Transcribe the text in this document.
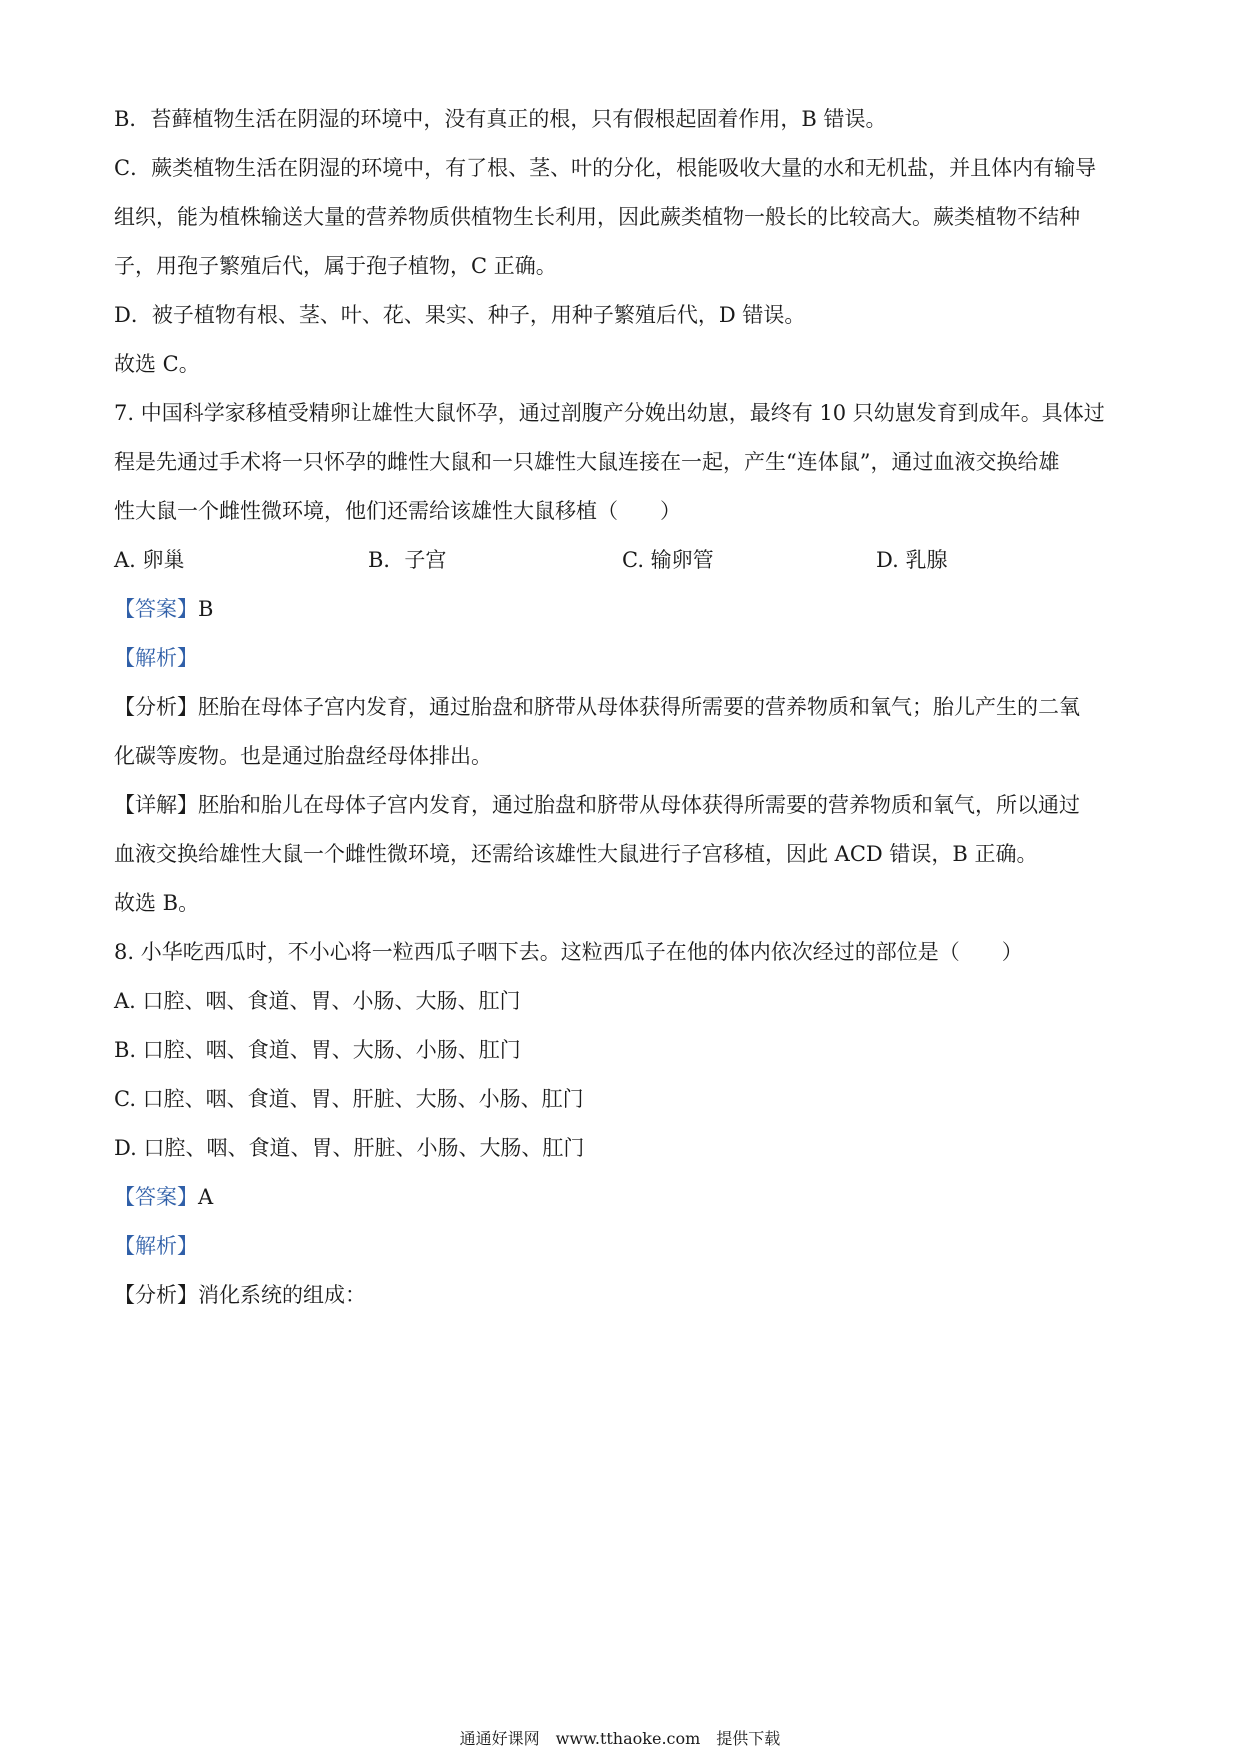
B．苔藓植物生活在阴湿的环境中，没有真正的根，只有假根起固着作用，B 错误。
C．蕨类植物生活在阴湿的环境中，有了根、茎、叶的分化，根能吸收大量的水和无机盐，并且体内有输导
组织，能为植株输送大量的营养物质供植物生长利用，因此蕨类植物一般长的比较高大。蕨类植物不结种
子，用孢子繁殖后代，属于孢子植物，C 正确。
D．被子植物有根、茎、叶、花、果实、种子，用种子繁殖后代，D 错误。
故选 C。
7. 中国科学家移植受精卵让雄性大鼠怀孕，通过剖腹产分娩出幼崽，最终有 10 只幼崽发育到成年。具体过
程是先通过手术将一只怀孕的雌性大鼠和一只雄性大鼠连接在一起，产生“连体鼠”，通过血液交换给雄
性大鼠一个雌性微环境，他们还需给该雄性大鼠移植（　　）
A. 卵巢	B．子宫	C. 输卵管	D. 乳腺
【答案】B
【解析】
【分析】胚胎在母体子宫内发育，通过胎盘和脐带从母体获得所需要的营养物质和氧气；胎儿产生的二氧
化碳等废物。也是通过胎盘经母体排出。
【详解】胚胎和胎儿在母体子宫内发育，通过胎盘和脐带从母体获得所需要的营养物质和氧气，所以通过
血液交换给雄性大鼠一个雌性微环境，还需给该雄性大鼠进行子宫移植，因此 ACD 错误，B 正确。
故选 B。
8. 小华吃西瓜时，不小心将一粒西瓜子咽下去。这粒西瓜子在他的体内依次经过的部位是（　　）
A. 口腔、咽、食道、胃、小肠、大肠、肛门
B. 口腔、咽、食道、胃、大肠、小肠、肛门
C. 口腔、咽、食道、胃、肝脏、大肠、小肠、肛门
D. 口腔、咽、食道、胃、肝脏、小肠、大肠、肛门
【答案】A
【解析】
【分析】消化系统的组成：
通通好课网　www.tthaoke.com　提供下载
